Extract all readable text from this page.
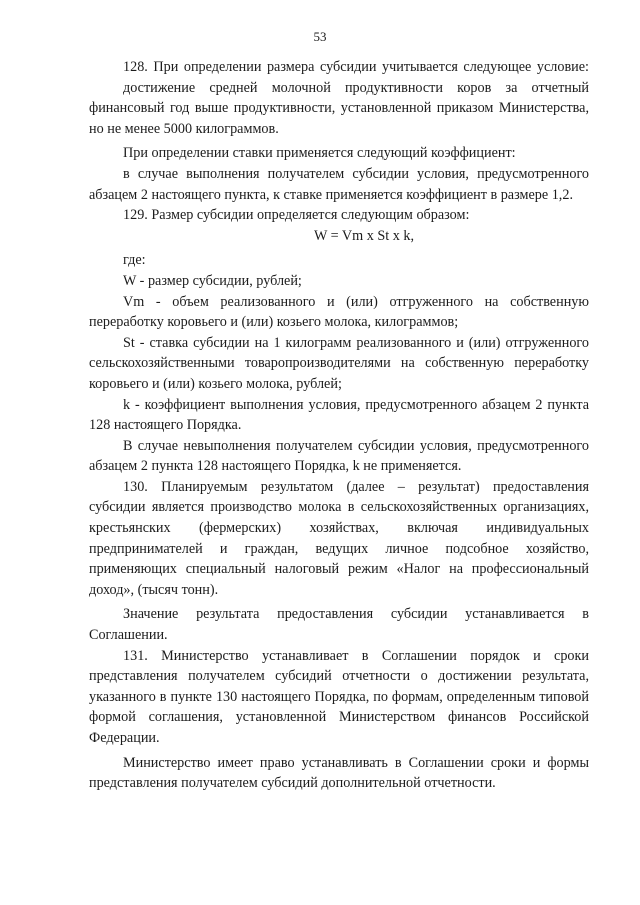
53

128. При определении размера субсидии учитывается следующее условие:

достижение средней молочной продуктивности коров за отчетный финансовый год выше продуктивности, установленной приказом Министерства, но не менее 5000 килограммов.

При определении ставки применяется следующий коэффициент:

в случае выполнения получателем субсидии условия, предусмотренного абзацем 2 настоящего пункта, к ставке применяется коэффициент в размере 1,2.

129. Размер субсидии определяется следующим образом:

W = Vm x St x k,

где:

W - размер субсидии, рублей;

Vm - объем реализованного и (или) отгруженного на собственную переработку коровьего и (или) козьего молока, килограммов;

St - ставка субсидии на 1 килограмм реализованного и (или) отгруженного сельскохозяйственными товаропроизводителями на собственную переработку коровьего и (или) козьего молока, рублей;

k - коэффициент выполнения условия, предусмотренного абзацем 2 пункта 128 настоящего Порядка.

В случае невыполнения получателем субсидии условия, предусмотренного абзацем 2 пункта 128 настоящего Порядка, k не применяется.

130. Планируемым результатом (далее – результат) предоставления субсидии является производство молока в сельскохозяйственных организациях, крестьянских (фермерских) хозяйствах, включая индивидуальных предпринимателей и граждан, ведущих личное подсобное хозяйство, применяющих специальный налоговый режим «Налог на профессиональный доход», (тысяч тонн).

Значение результата предоставления субсидии устанавливается в Соглашении.

131. Министерство устанавливает в Соглашении порядок и сроки представления получателем субсидий отчетности о достижении результата, указанного в пункте 130 настоящего Порядка, по формам, определенным типовой формой соглашения, установленной Министерством финансов Российской Федерации.

Министерство имеет право устанавливать в Соглашении сроки и формы представления получателем субсидий дополнительной отчетности.
